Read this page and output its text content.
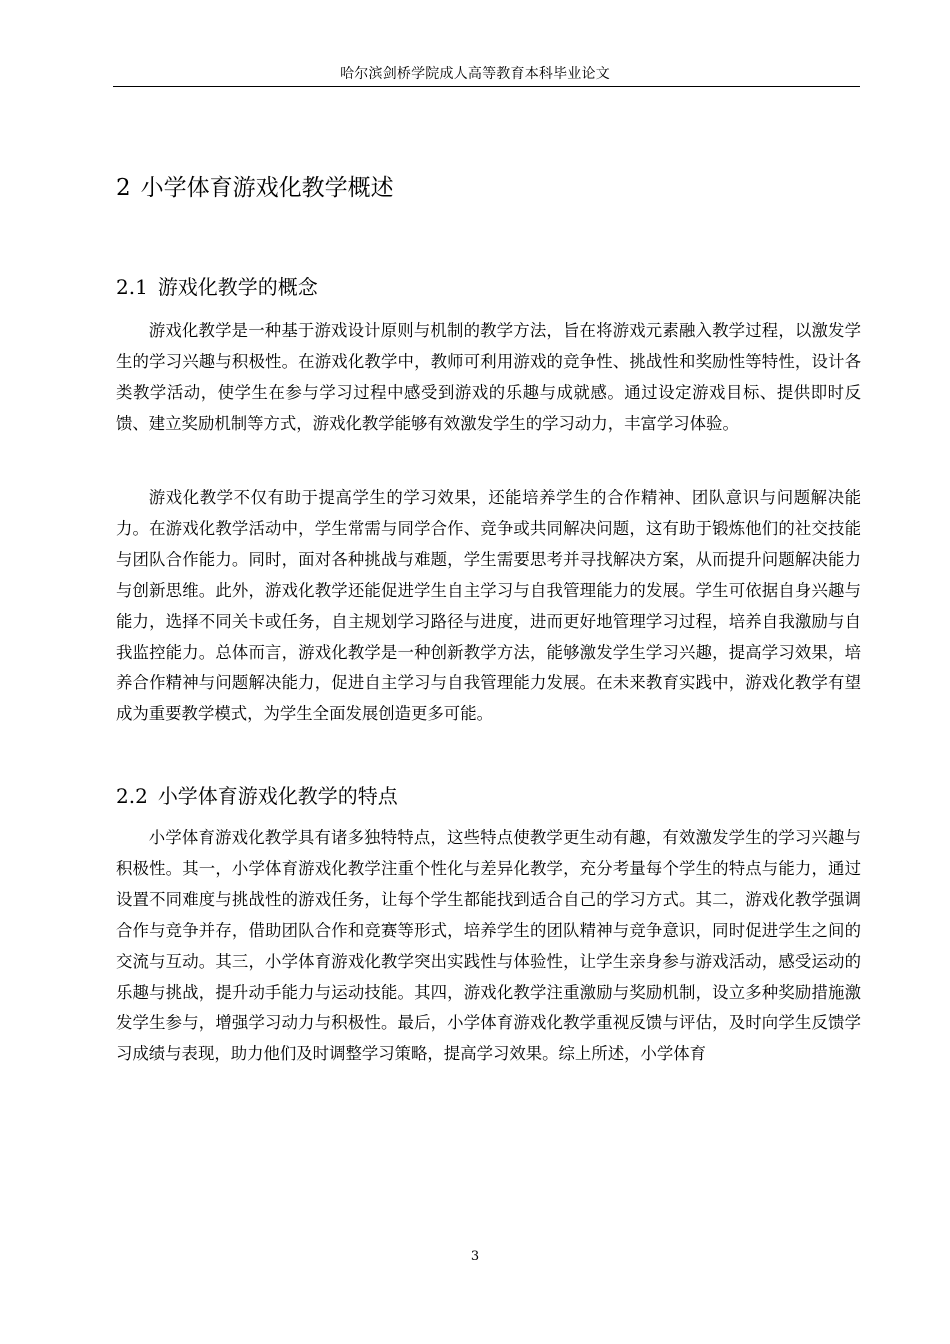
哈尔滨剑桥学院成人高等教育本科毕业论文
2 小学体育游戏化教学概述
2.1 游戏化教学的概念

游戏化教学是一种基于游戏设计原则与机制的教学方法，旨在将游戏元素融入教学过程，以激发学生的学习兴趣与积极性。在游戏化教学中，教师可利用游戏的竞争性、挑战性和奖励性等特性，设计各类教学活动，使学生在参与学习过程中感受到游戏的乐趣与成就感。通过设定游戏目标、提供即时反馈、建立奖励机制等方式，游戏化教学能够有效激发学生的学习动力，丰富学习体验。

游戏化教学不仅有助于提高学生的学习效果，还能培养学生的合作精神、团队意识与问题解决能力。在游戏化教学活动中，学生常需与同学合作、竞争或共同解决问题，这有助于锻炼他们的社交技能与团队合作能力。同时，面对各种挑战与难题，学生需要思考并寻找解决方案，从而提升问题解决能力与创新思维。此外，游戏化教学还能促进学生自主学习与自我管理能力的发展。学生可依据自身兴趣与能力，选择不同关卡或任务，自主规划学习路径与进度，进而更好地管理学习过程，培养自我激励与自我监控能力。总体而言，游戏化教学是一种创新教学方法，能够激发学生学习兴趣，提高学习效果，培养合作精神与问题解决能力，促进自主学习与自我管理能力发展。在未来教育实践中，游戏化教学有望成为重要教学模式，为学生全面发展创造更多可能。

2.2 小学体育游戏化教学的特点

小学体育游戏化教学具有诸多独特特点，这些特点使教学更生动有趣，有效激发学生的学习兴趣与积极性。其一，小学体育游戏化教学注重个性化与差异化教学，充分考量每个学生的特点与能力，通过设置不同难度与挑战性的游戏任务，让每个学生都能找到适合自己的学习方式。其二，游戏化教学强调合作与竞争并存，借助团队合作和竞赛等形式，培养学生的团队精神与竞争意识，同时促进学生之间的交流与互动。其三，小学体育游戏化教学突出实践性与体验性，让学生亲身参与游戏活动，感受运动的乐趣与挑战，提升动手能力与运动技能。其四，游戏化教学注重激励与奖励机制，设立多种奖励措施激发学生参与，增强学习动力与积极性。最后，小学体育游戏化教学重视反馈与评估，及时向学生反馈学习成绩与表现，助力他们及时调整学习策略，提高学习效果。综上所述，小学体育

3
